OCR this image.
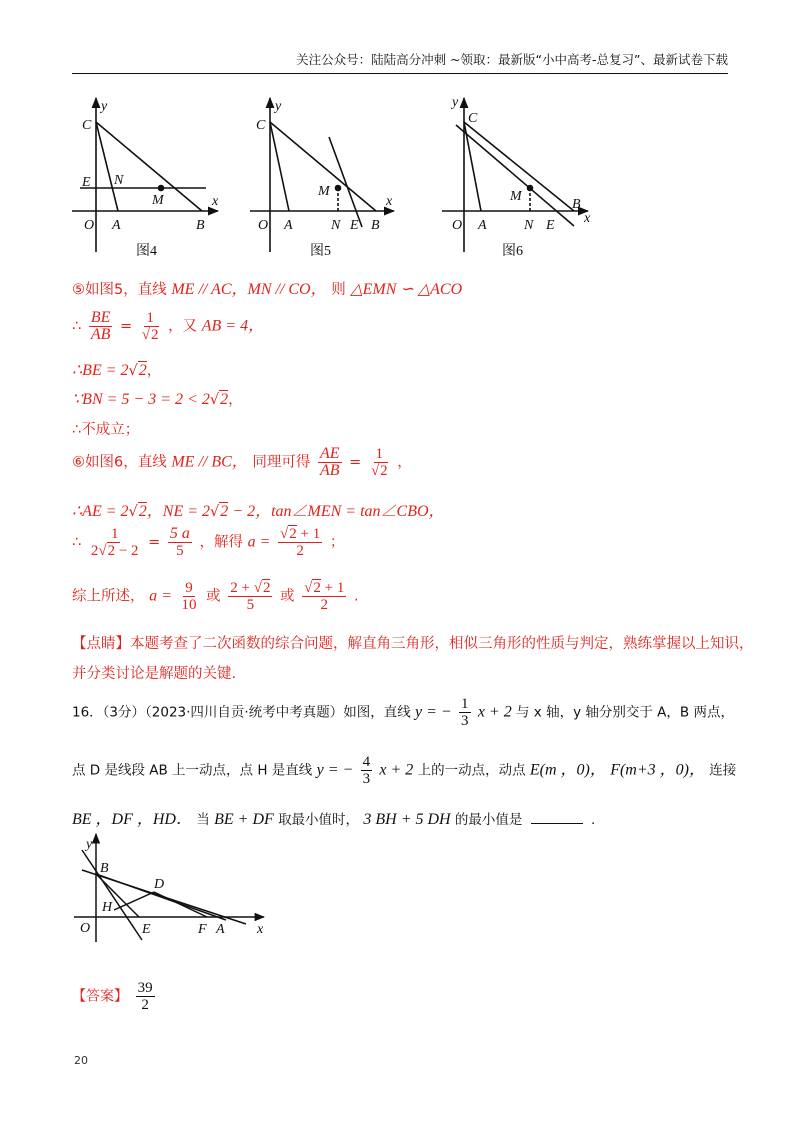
关注公众号：陆陆高分冲刺 ~领取：最新版“小中高考-总复习”、最新试卷下载
y
C
E N
M	x
O A	B
图4
y
C
M
x
O A	N E B
图5
y
C
M
B
x
O A	N E
图6
⑤如图5，直线 ME // AC，MN // CO， 则 △EMN ∽ △ACO
∴ $\frac{BE}{AB} = \frac{1}{√2}$ ，又 AB = 4，
∴BE = 2√2，
∵BN = 5 − 3 = 2 < 2√2，
∴不成立；
⑥如图6，直线 ME // BC， 同理可得 $\frac{AE}{AB} = \frac{1}{√2}$ ，
∴AE = 2√2，NE = 2√2 − 2，tan∠MEN = tan∠CBO，
∴ $\frac{1}{2√2 - 2} = \frac{5 a}{5}$ ，解得 $a = \frac{√2 + 1}{2}$ ；
综上所述， $a = \frac{9}{10}$ 或 $\frac{2 + √2}{5}$ 或 $\frac{√2 + 1}{2}$ .
【点睛】本题考查了二次函数的综合问题，解直角三角形，相似三角形的性质与判定，熟练掌握以上知识，
并分类讨论是解题的关键.
16．（3分）（2023·四川自贡·统考中考真题）如图，直线 y = − $\frac{1}{3}$ x + 2 与 x 轴，y 轴分别交于 A，B 两点，
点 D 是线段 AB 上一动点，点 H 是直线 y = − $\frac{4}{3}$ x + 2 上的一动点，动点 E(m ，0)， F(m+3 ，0)， 连接
BE ，DF ，HD． 当 BE + DF 取最小值时， 3 BH + 5 DH 的最小值是	.
y
B
D
H
O	E	F A x
【答案】 $\frac{39}{2}$
20
